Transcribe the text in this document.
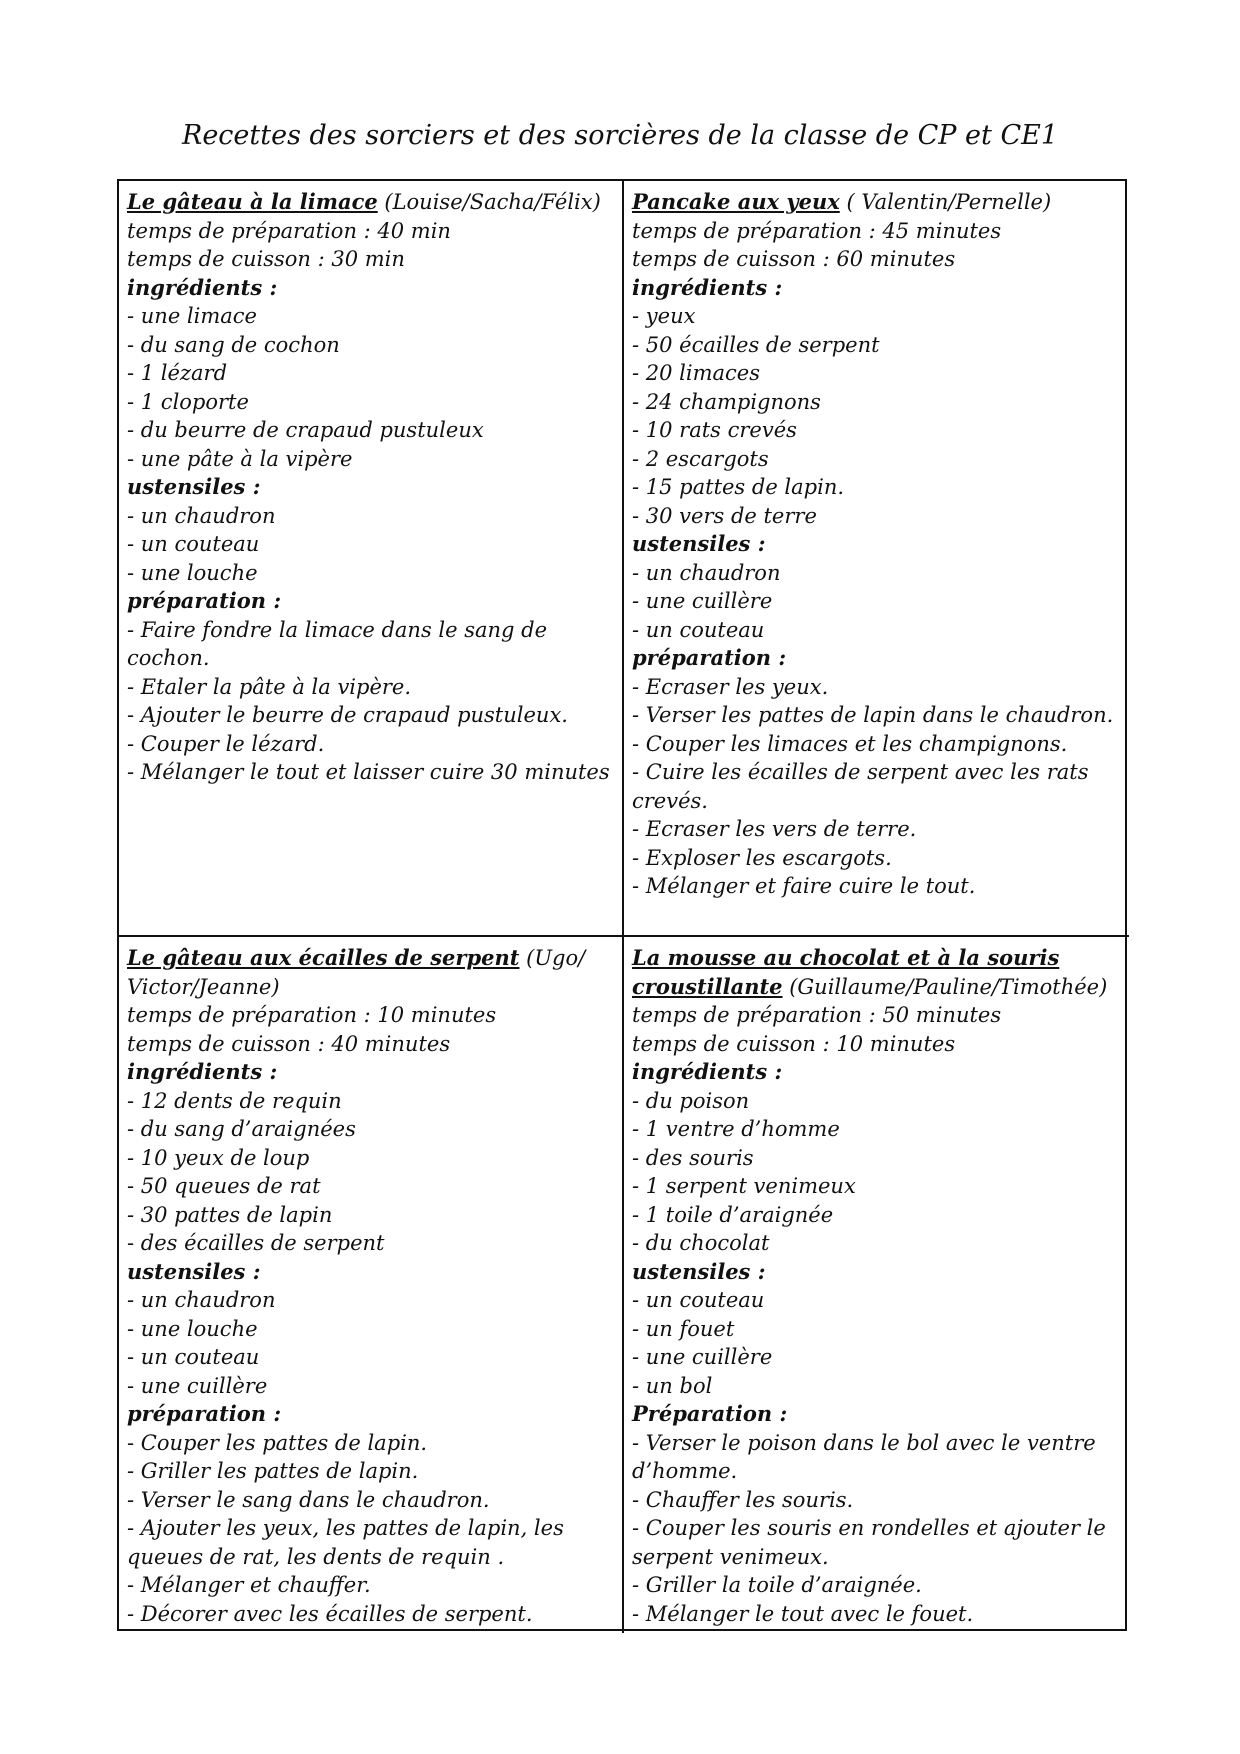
Recettes des sorciers et des sorcières de la classe de CP et CE1
Le gâteau à la limace (Louise/Sacha/Félix)
temps de préparation : 40 min
temps de cuisson : 30 min
ingrédients :
- une limace
- du sang de cochon
- 1 lézard
- 1 cloporte
- du beurre de crapaud pustuleux
- une pâte à la vipère
ustensiles :
- un chaudron
- un couteau
- une louche
préparation :
- Faire fondre la limace dans le sang de cochon.
- Etaler la pâte à la vipère.
- Ajouter le beurre de crapaud pustuleux.
- Couper le lézard.
- Mélanger le tout et laisser cuire 30 minutes
Pancake aux yeux ( Valentin/Pernelle)
temps de préparation : 45 minutes
temps de cuisson : 60 minutes
ingrédients :
- yeux
- 50 écailles de serpent
- 20 limaces
- 24 champignons
- 10 rats crevés
- 2 escargots
- 15 pattes de lapin.
- 30 vers de terre
ustensiles :
- un chaudron
- une cuillère
- un couteau
préparation :
- Ecraser les yeux.
- Verser les pattes de lapin dans le chaudron.
- Couper les limaces et les champignons.
- Cuire les écailles de serpent avec les rats crevés.
- Ecraser les vers de terre.
- Exploser les escargots.
- Mélanger et faire cuire le tout.
Le gâteau aux écailles de serpent (Ugo/ Victor/Jeanne)
temps de préparation : 10 minutes
temps de cuisson : 40 minutes
ingrédients :
- 12 dents de requin
- du sang d’araignées
- 10 yeux de loup
- 50 queues de rat
- 30 pattes de lapin
- des écailles de serpent
ustensiles :
- un chaudron
- une louche
- un couteau
- une cuillère
préparation :
- Couper les pattes de lapin.
- Griller les pattes de lapin.
- Verser le sang dans le chaudron.
- Ajouter les yeux, les pattes de lapin, les queues de rat, les dents de requin .
- Mélanger et chauffer.
- Décorer avec les écailles de serpent.
La mousse au chocolat et à la souris croustillante (Guillaume/Pauline/Timothée)
temps de préparation : 50 minutes
temps de cuisson : 10 minutes
ingrédients :
- du poison
- 1 ventre d’homme
- des souris
- 1 serpent venimeux
- 1 toile d’araignée
- du chocolat
ustensiles :
- un couteau
- un fouet
- une cuillère
- un bol
Préparation :
- Verser le poison dans le bol avec le ventre d’homme.
- Chauffer les souris.
- Couper les souris en rondelles et ajouter le serpent venimeux.
- Griller la toile d’araignée.
- Mélanger le tout avec le fouet.
